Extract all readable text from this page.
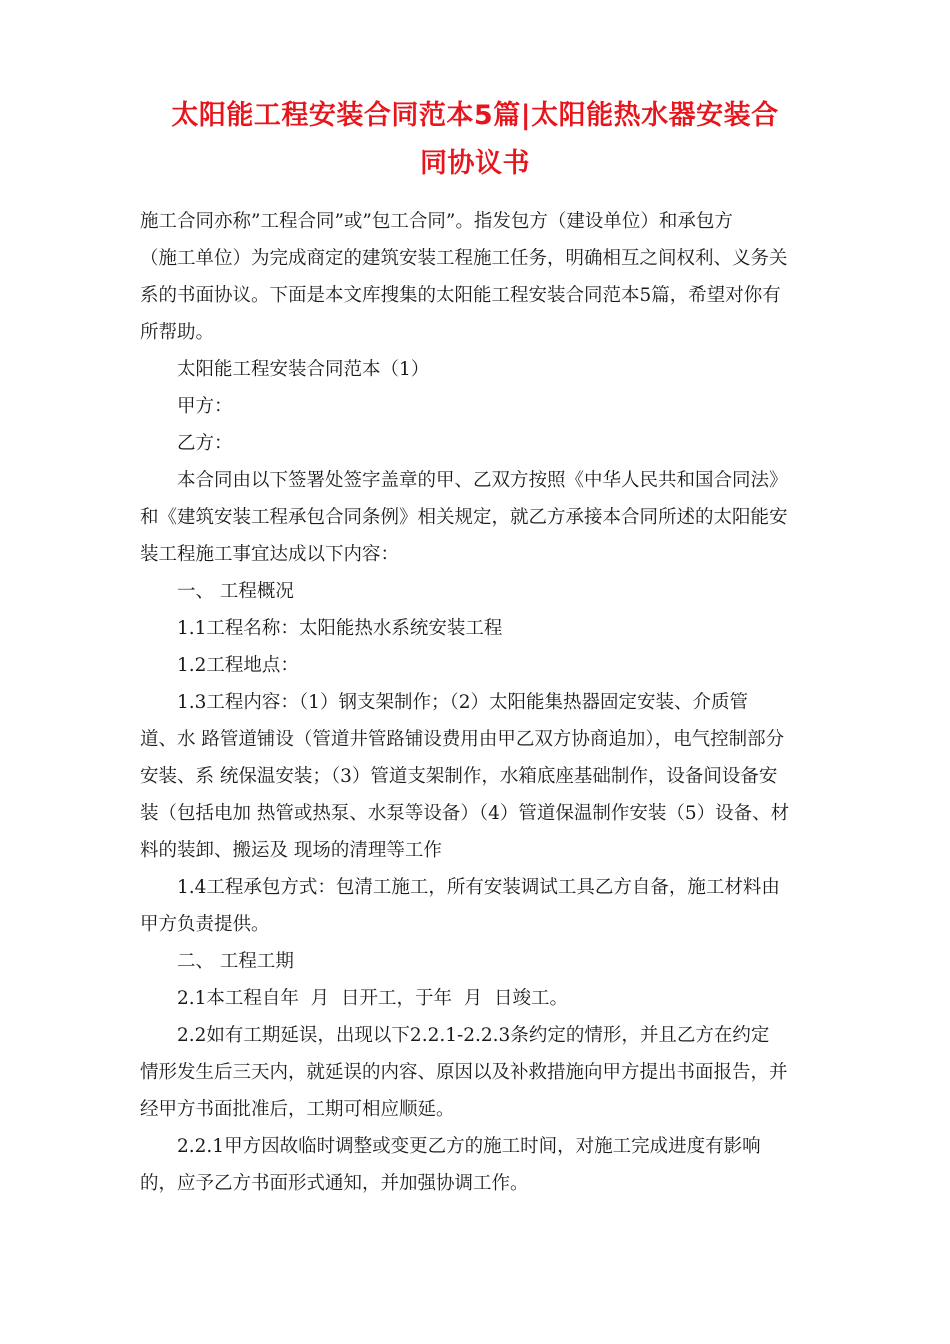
太阳能工程安装合同范本5篇|太阳能热水器安装合
同协议书
施工合同亦称”工程合同”或”包工合同”。指发包方（建设单位）和承包方
（施工单位）为完成商定的建筑安装工程施工任务，明确相互之间权利、义务关
系的书面协议。下面是本文库搜集的太阳能工程安装合同范本5篇，希望对你有
所帮助。
太阳能工程安装合同范本（1）
甲方：
乙方：
本合同由以下签署处签字盖章的甲、乙双方按照《中华人民共和国合同法》
和《建筑安装工程承包合同条例》相关规定，就乙方承接本合同所述的太阳能安
装工程施工事宜达成以下内容：
一、 工程概况
1.1工程名称：太阳能热水系统安装工程
1.2工程地点：
1.3工程内容：（1）钢支架制作；（2）太阳能集热器固定安装、介质管
道、水 路管道铺设（管道井管路铺设费用由甲乙双方协商追加），电气控制部分
安装、系 统保温安装；（3）管道支架制作，水箱底座基础制作，设备间设备安
装（包括电加 热管或热泵、水泵等设备）（4）管道保温制作安装（5）设备、材
料的装卸、搬运及 现场的清理等工作
1.4工程承包方式：包清工施工，所有安装调试工具乙方自备，施工材料由
甲方负责提供。
二、 工程工期
2.1本工程自年  月  日开工，于年  月  日竣工。
2.2如有工期延误，出现以下2.2.1-2.2.3条约定的情形，并且乙方在约定
情形发生后三天内，就延误的内容、原因以及补救措施向甲方提出书面报告，并
经甲方书面批准后，工期可相应顺延。
2.2.1甲方因故临时调整或变更乙方的施工时间，对施工完成进度有影响
的，应予乙方书面形式通知，并加强协调工作。
